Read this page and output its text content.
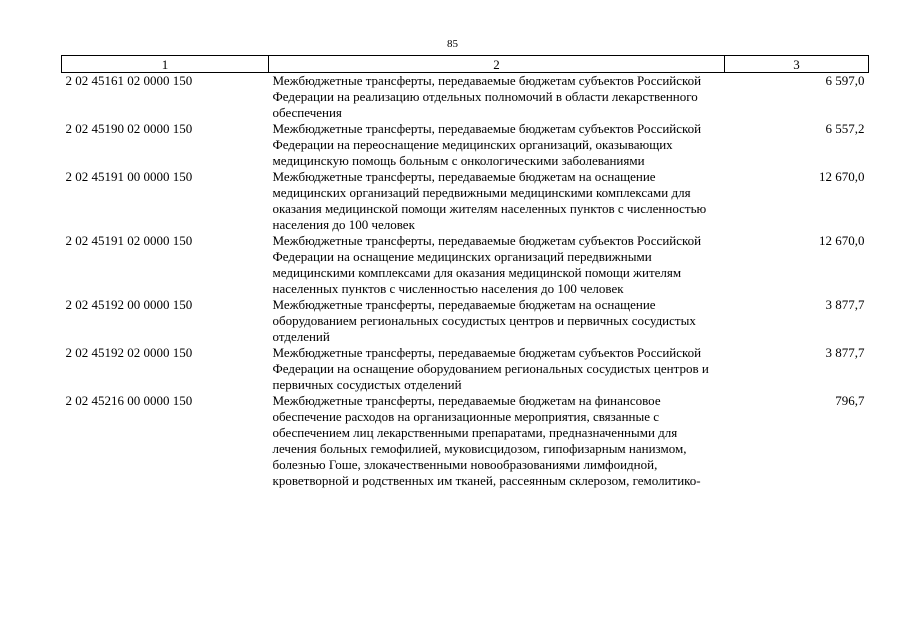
85
1	2	3
2 02 45161 02 0000 150	Межбюджетные трансферты, передаваемые бюджетам субъектов Российской Федерации на реализацию отдельных полномочий в области лекарственного обеспечения	6 597,0
2 02 45190 02 0000 150	Межбюджетные трансферты, передаваемые бюджетам субъектов Российской Федерации на переоснащение медицинских организаций, оказывающих медицинскую помощь больным с онкологическими заболеваниями	6 557,2
2 02 45191 00 0000 150	Межбюджетные трансферты, передаваемые бюджетам на оснащение медицинских организаций передвижными медицинскими комплексами для оказания медицинской помощи жителям населенных пунктов с численностью населения до 100 человек	12 670,0
2 02 45191 02 0000 150	Межбюджетные трансферты, передаваемые бюджетам субъектов Российской Федерации на оснащение медицинских организаций передвижными медицинскими комплексами для оказания медицинской помощи жителям населенных пунктов с численностью населения до 100 человек	12 670,0
2 02 45192 00 0000 150	Межбюджетные трансферты, передаваемые бюджетам на оснащение оборудованием региональных сосудистых центров и первичных сосудистых отделений	3 877,7
2 02 45192 02 0000 150	Межбюджетные трансферты, передаваемые бюджетам субъектов Российской Федерации на оснащение оборудованием региональных сосудистых центров и первичных сосудистых отделений	3 877,7
2 02 45216 00 0000 150	Межбюджетные трансферты, передаваемые бюджетам на финансовое обеспечение расходов на организационные мероприятия, связанные с обеспечением лиц лекарственными препаратами, предназначенными для лечения больных гемофилией, муковисцидозом, гипофизарным нанизмом, болезнью Гоше, злокачественными новообразованиями лимфоидной, кроветворной и родственных им тканей, рассеянным склерозом, гемолитико-	796,7
